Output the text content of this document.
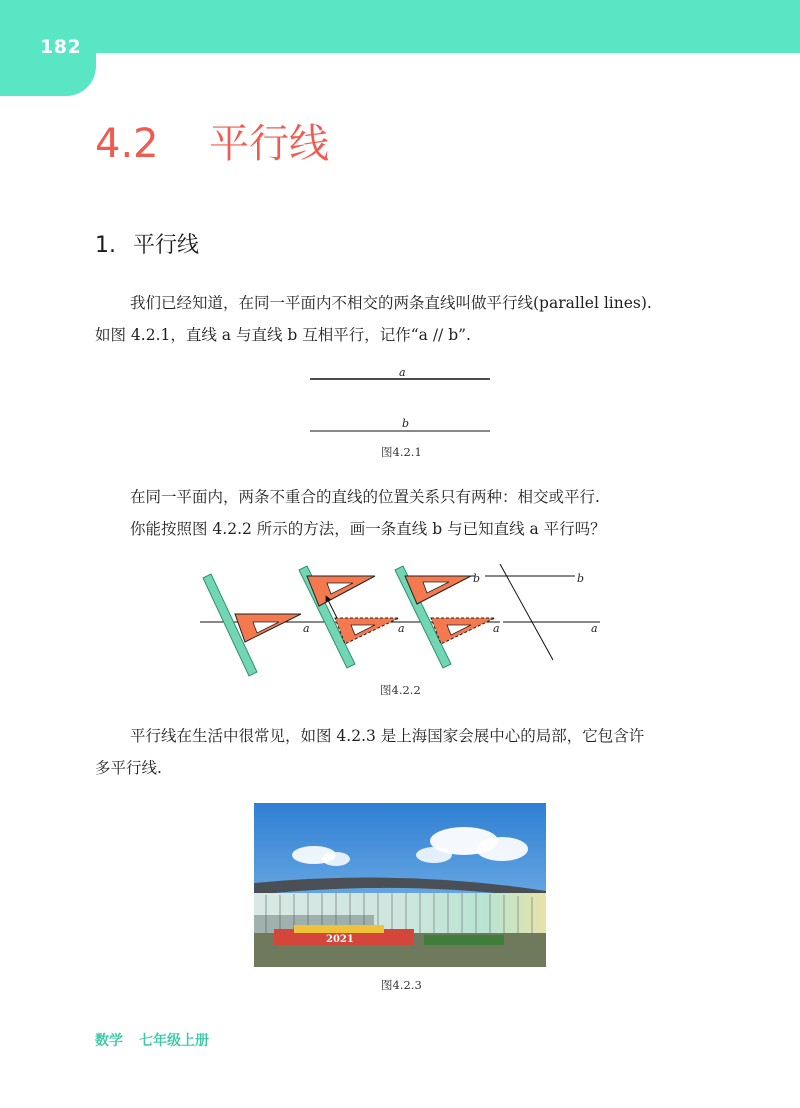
182
4.2 平行线
1. 平行线
我们已经知道，在同一平面内不相交的两条直线叫做平行线(parallel lines).
如图 4.2.1，直线 a 与直线 b 互相平行，记作“a // b”.
a
b
图4.2.1
在同一平面内，两条不重合的直线的位置关系只有两种：相交或平行.
你能按照图 4.2.2 所示的方法，画一条直线 b 与已知直线 a 平行吗？
a	a
b
a
b
a
图4.2.2
平行线在生活中很常见，如图 4.2.3 是上海国家会展中心的局部，它包含许
多平行线.
2021
图4.2.3
数学 七年级上册
